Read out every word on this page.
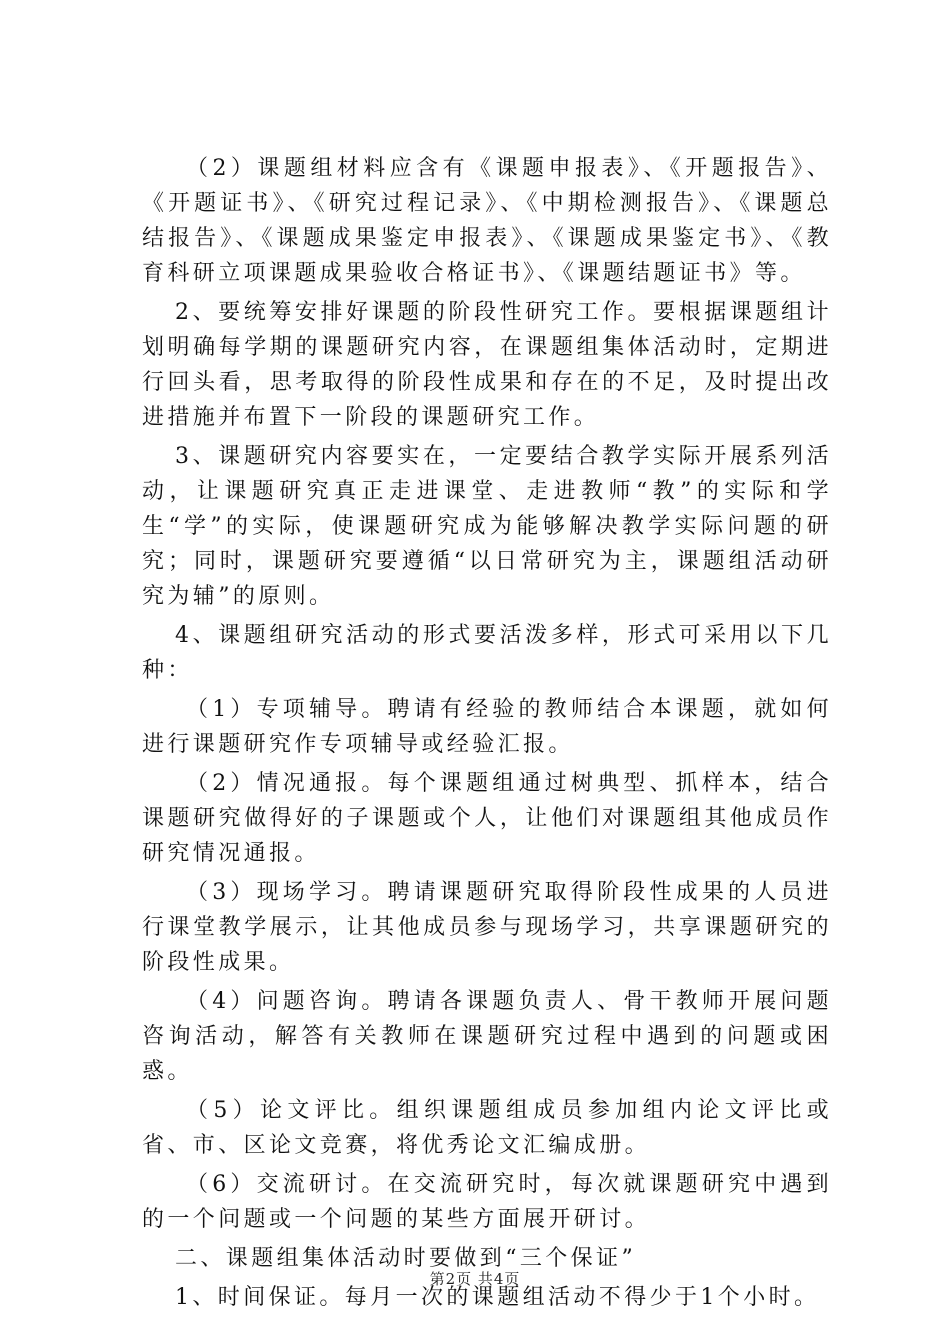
（2）课题组材料应含有《课题申报表》、《开题报告》、《开题证书》、《研究过程记录》、《中期检测报告》、《课题总结报告》、《课题成果鉴定申报表》、《课题成果鉴定书》、《教育科研立项课题成果验收合格证书》、《课题结题证书》等。

2、要统筹安排好课题的阶段性研究工作。要根据课题组计划明确每学期的课题研究内容，在课题组集体活动时，定期进行回头看，思考取得的阶段性成果和存在的不足，及时提出改进措施并布置下一阶段的课题研究工作。

3、课题研究内容要实在，一定要结合教学实际开展系列活动，让课题研究真正走进课堂、走进教师“教”的实际和学生“学”的实际，使课题研究成为能够解决教学实际问题的研究；同时，课题研究要遵循“以日常研究为主，课题组活动研究为辅”的原则。

4、课题组研究活动的形式要活泼多样，形式可采用以下几种：

（1）专项辅导。聘请有经验的教师结合本课题，就如何进行课题研究作专项辅导或经验汇报。

（2）情况通报。每个课题组通过树典型、抓样本，结合课题研究做得好的子课题或个人，让他们对课题组其他成员作研究情况通报。

（3）现场学习。聘请课题研究取得阶段性成果的人员进行课堂教学展示，让其他成员参与现场学习，共享课题研究的阶段性成果。

（4）问题咨询。聘请各课题负责人、骨干教师开展问题咨询活动，解答有关教师在课题研究过程中遇到的问题或困惑。

（5）论文评比。组织课题组成员参加组内论文评比或省、市、区论文竞赛，将优秀论文汇编成册。

（6）交流研讨。在交流研究时，每次就课题研究中遇到的一个问题或一个问题的某些方面展开研讨。

二、课题组集体活动时要做到“三个保证”

1、时间保证。每月一次的课题组活动不得少于1个小时。

第2页 共4页
